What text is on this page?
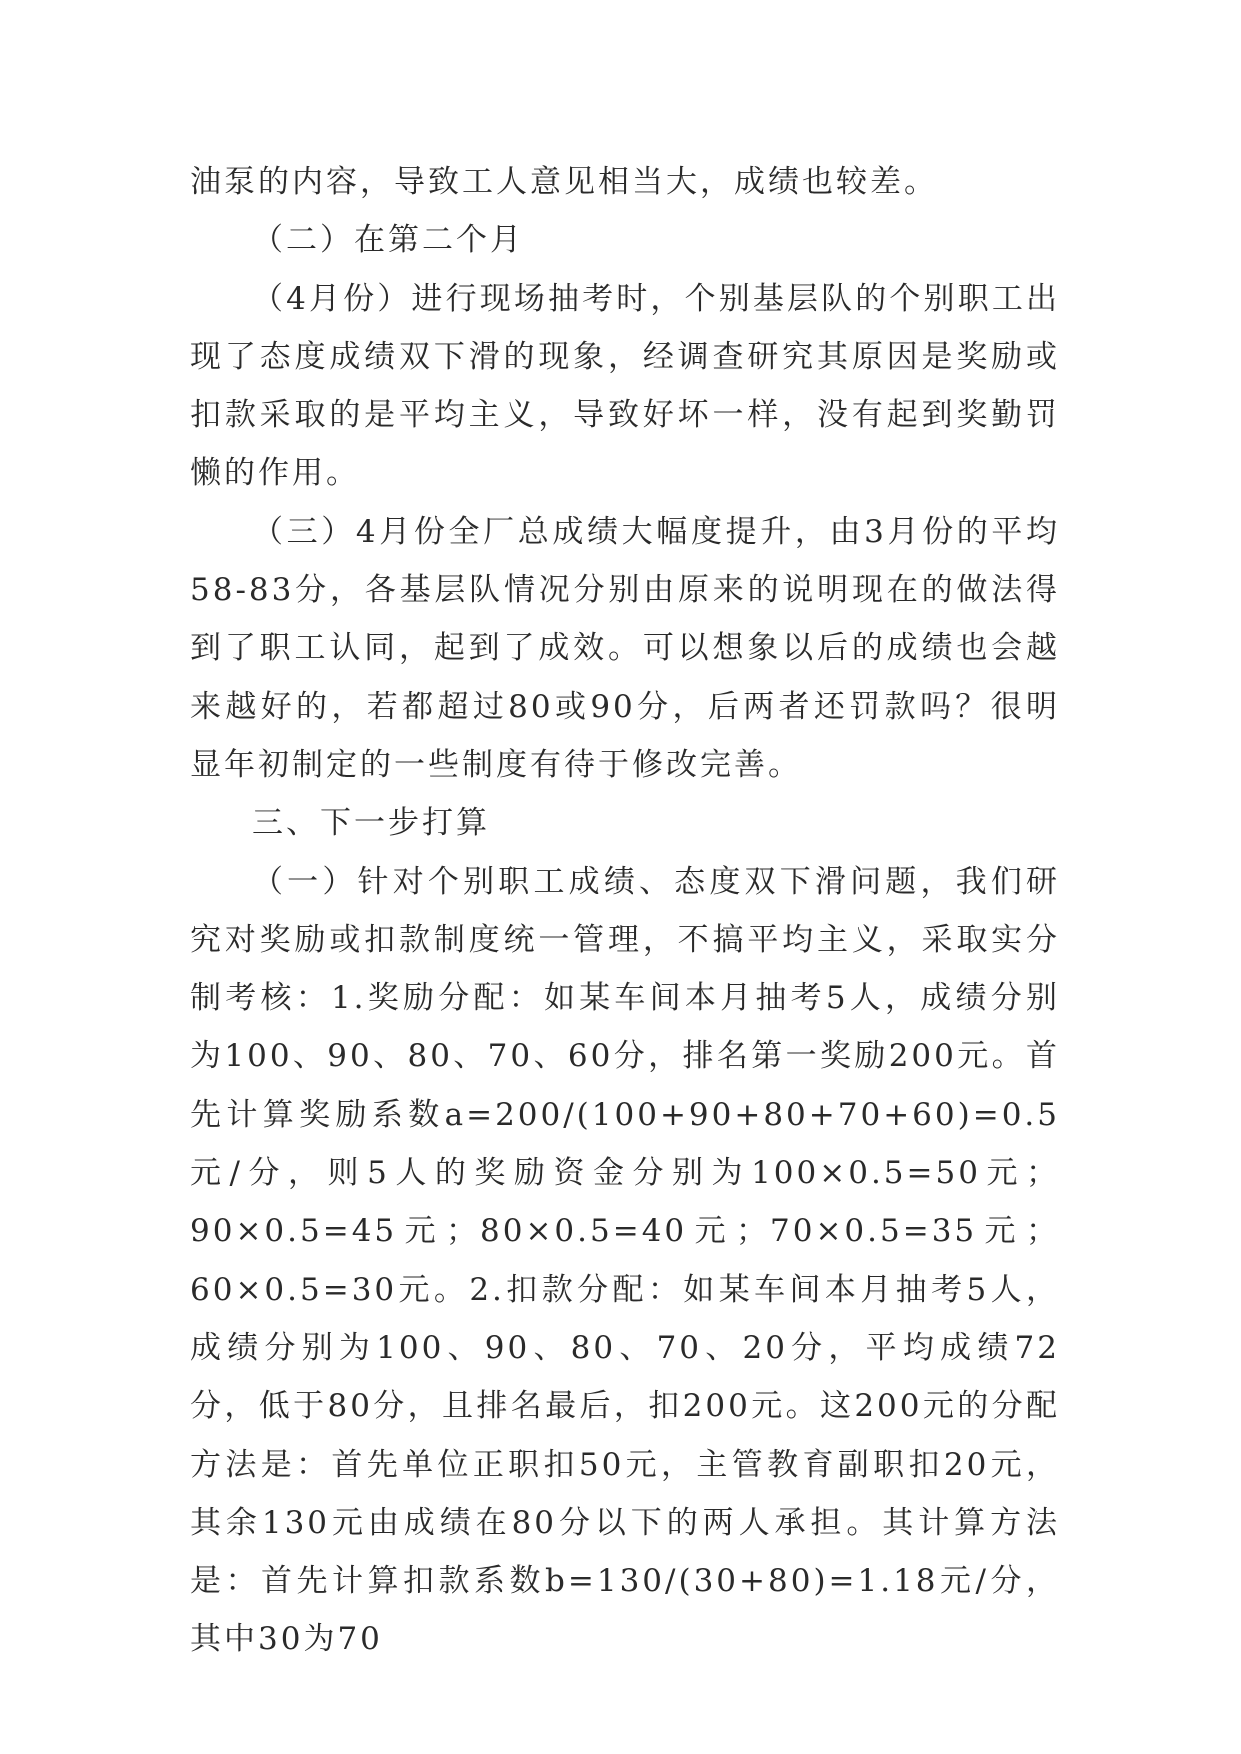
油泵的内容，导致工人意见相当大，成绩也较差。

（二）在第二个月

（4月份）进行现场抽考时，个别基层队的个别职工出现了态度成绩双下滑的现象，经调查研究其原因是奖励或扣款采取的是平均主义，导致好坏一样，没有起到奖勤罚懒的作用。

（三）4月份全厂总成绩大幅度提升，由3月份的平均58-83分，各基层队情况分别由原来的说明现在的做法得到了职工认同，起到了成效。可以想象以后的成绩也会越来越好的，若都超过80或90分，后两者还罚款吗？很明显年初制定的一些制度有待于修改完善。

三、下一步打算

（一）针对个别职工成绩、态度双下滑问题，我们研究对奖励或扣款制度统一管理，不搞平均主义，采取实分制考核：1.奖励分配：如某车间本月抽考5人，成绩分别为100、90、80、70、60分，排名第一奖励200元。首先计算奖励系数a=200/(100+90+80+70+60)=0.5元/分，则5人的奖励资金分别为100×0.5=50元；90×0.5=45元；80×0.5=40元；70×0.5=35元；60×0.5=30元。2.扣款分配：如某车间本月抽考5人，成绩分别为100、90、80、70、20分，平均成绩72分，低于80分，且排名最后，扣200元。这200元的分配方法是：首先单位正职扣50元，主管教育副职扣20元，其余130元由成绩在80分以下的两人承担。其计算方法是：首先计算扣款系数b=130/(30+80)=1.18元/分，其中30为70
